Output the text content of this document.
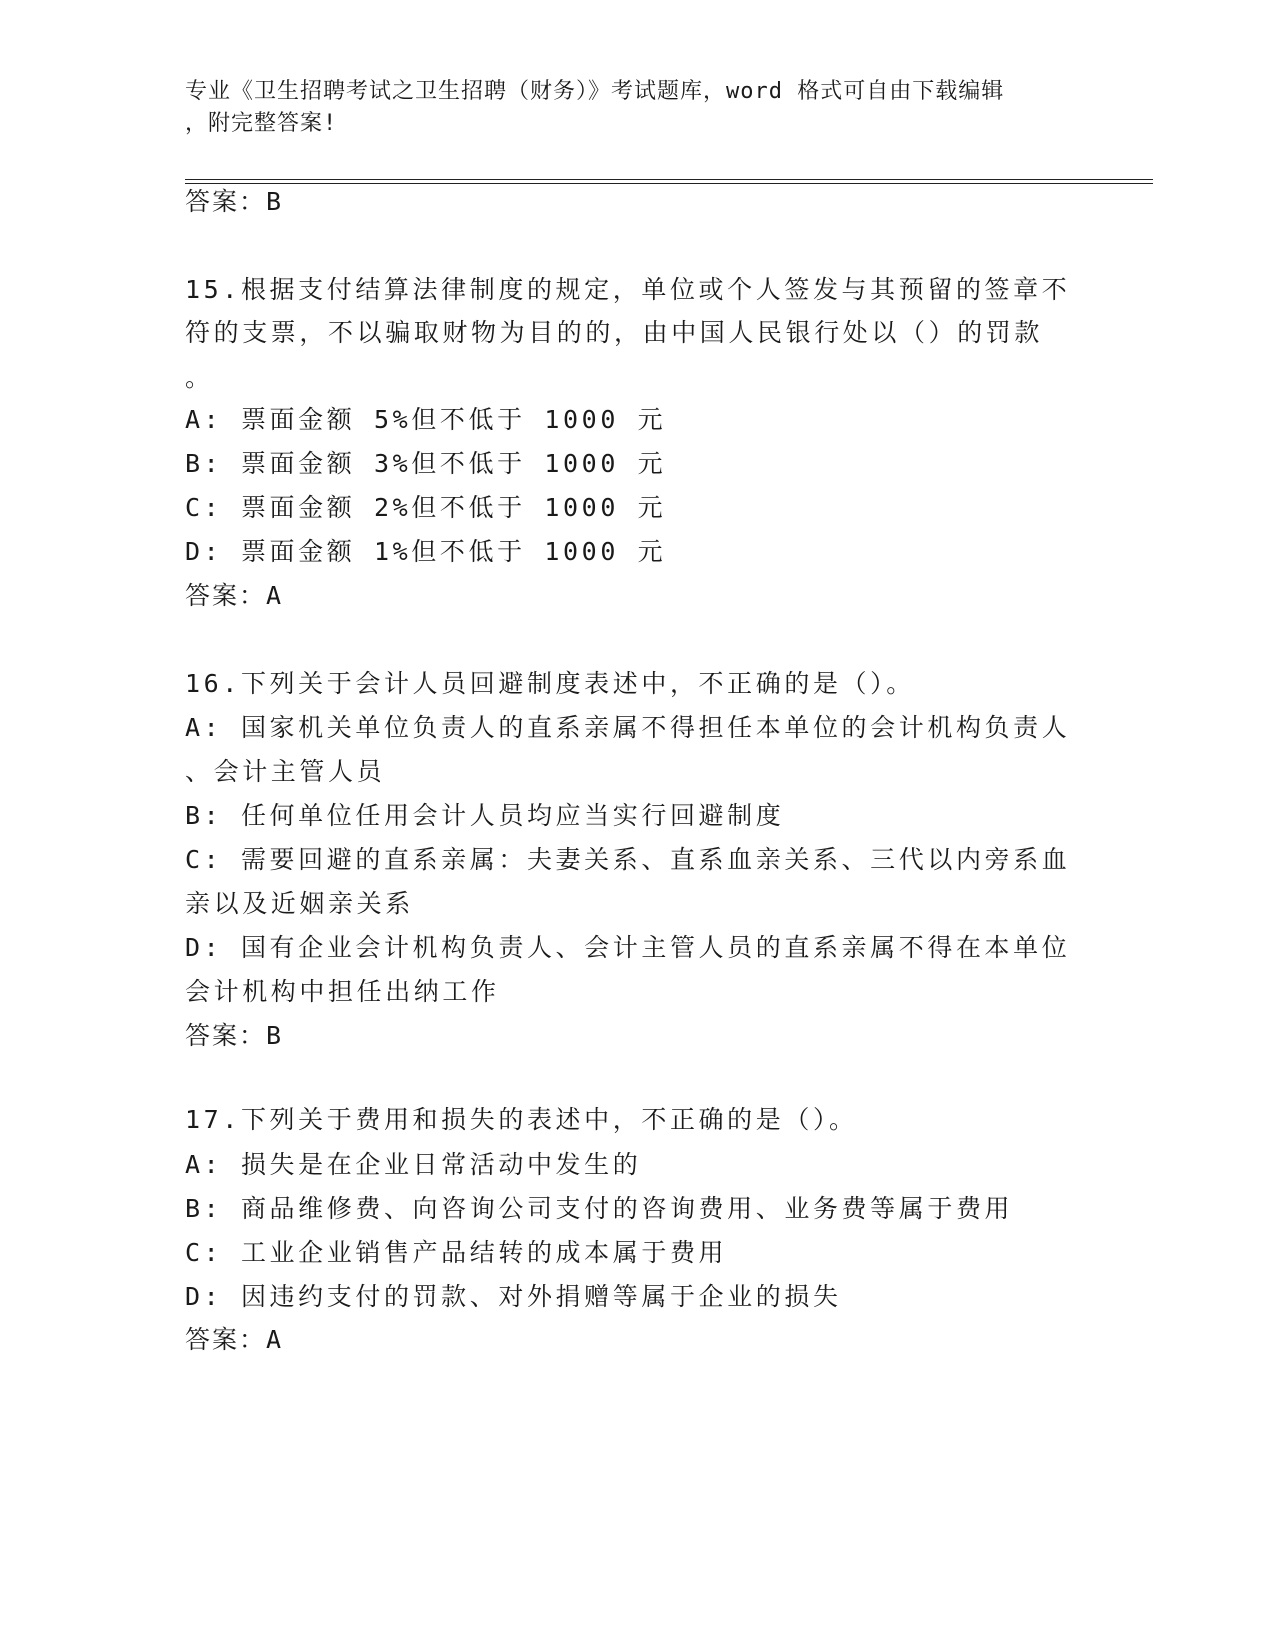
专业《卫生招聘考试之卫生招聘（财务）》考试题库，word 格式可自由下载编辑
，附完整答案!
答案：B
15.根据支付结算法律制度的规定，单位或个人签发与其预留的签章不
符的支票，不以骗取财物为目的的，由中国人民银行处以（）的罚款
。
A: 票面金额 5%但不低于 1000 元
B: 票面金额 3%但不低于 1000 元
C: 票面金额 2%但不低于 1000 元
D: 票面金额 1%但不低于 1000 元
答案：A
16.下列关于会计人员回避制度表述中，不正确的是（）。
A: 国家机关单位负责人的直系亲属不得担任本单位的会计机构负责人
、会计主管人员
B: 任何单位任用会计人员均应当实行回避制度
C: 需要回避的直系亲属：夫妻关系、直系血亲关系、三代以内旁系血
亲以及近姻亲关系
D: 国有企业会计机构负责人、会计主管人员的直系亲属不得在本单位
会计机构中担任出纳工作
答案：B
17.下列关于费用和损失的表述中，不正确的是（）。
A: 损失是在企业日常活动中发生的
B: 商品维修费、向咨询公司支付的咨询费用、业务费等属于费用
C: 工业企业销售产品结转的成本属于费用
D: 因违约支付的罚款、对外捐赠等属于企业的损失
答案：A
